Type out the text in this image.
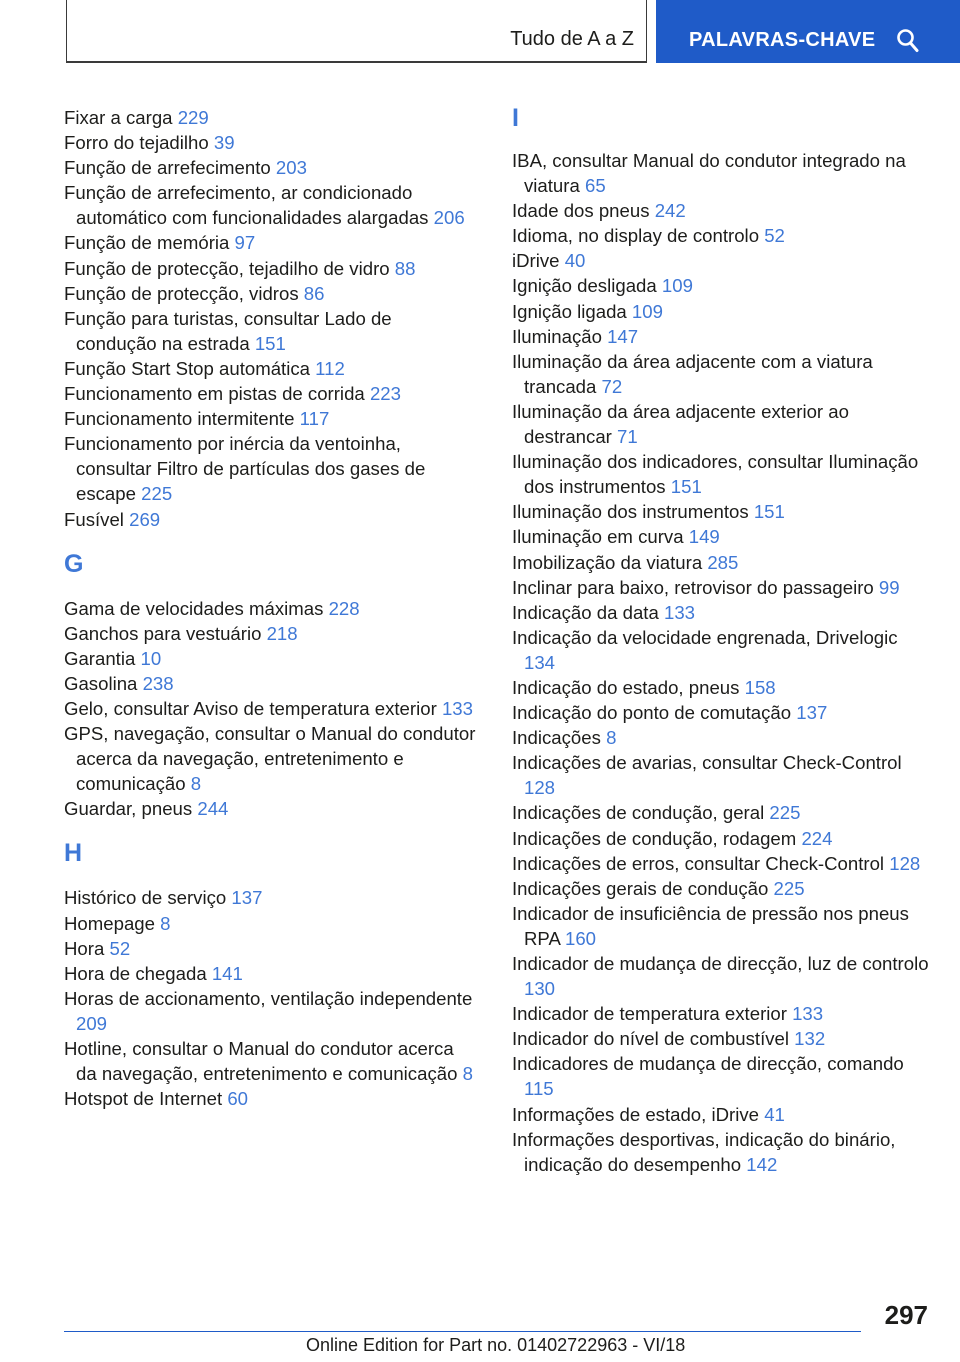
Tudo de A a Z	PALAVRAS-CHAVE

Fixar a carga 229

Forro do tejadilho 39

Função de arrefecimento 203

Função de arrefecimento, ar condicionado automático com funcionalidades alargadas 206

Função de memória 97

Função de protecção, tejadilho de vidro 88

Função de protecção, vidros 86

Função para turistas, consultar Lado de condução na estrada 151

Função Start Stop automática 112

Funcionamento em pistas de corrida 223

Funcionamento intermitente 117

Funcionamento por inércia da ventoinha, consultar Filtro de partículas dos gases de escape 225

Fusível 269

G

Gama de velocidades máximas 228

Ganchos para vestuário 218

Garantia 10

Gasolina 238

Gelo, consultar Aviso de temperatura exterior 133

GPS, navegação, consultar o Manual do condutor acerca da navegação, entretenimento e comunicação 8

Guardar, pneus 244

H

Histórico de serviço 137

Homepage 8

Hora 52

Hora de chegada 141

Horas de accionamento, ventilação independente 209

Hotline, consultar o Manual do condutor acerca da navegação, entretenimento e comunicação 8

Hotspot de Internet 60

I

IBA, consultar Manual do condutor integrado na viatura 65

Idade dos pneus 242

Idioma, no display de controlo 52

iDrive 40

Ignição desligada 109

Ignição ligada 109

Iluminação 147

Iluminação da área adjacente com a viatura trancada 72

Iluminação da área adjacente exterior ao destrancar 71

Iluminação dos indicadores, consultar Iluminação dos instrumentos 151

Iluminação dos instrumentos 151

Iluminação em curva 149

Imobilização da viatura 285

Inclinar para baixo, retrovisor do passageiro 99

Indicação da data 133

Indicação da velocidade engrenada, Drivelogic 134

Indicação do estado, pneus 158

Indicação do ponto de comutação 137

Indicações 8

Indicações de avarias, consultar Check-Control 128

Indicações de condução, geral 225

Indicações de condução, rodagem 224

Indicações de erros, consultar Check-Control 128

Indicações gerais de condução 225

Indicador de insuficiência de pressão nos pneus RPA 160

Indicador de mudança de direcção, luz de controlo 130

Indicador de temperatura exterior 133

Indicador do nível de combustível 132

Indicadores de mudança de direcção, comando 115

Informações de estado, iDrive 41

Informações desportivas, indicação do binário, indicação do desempenho 142

297
Online Edition for Part no. 01402722963 - VI/18
